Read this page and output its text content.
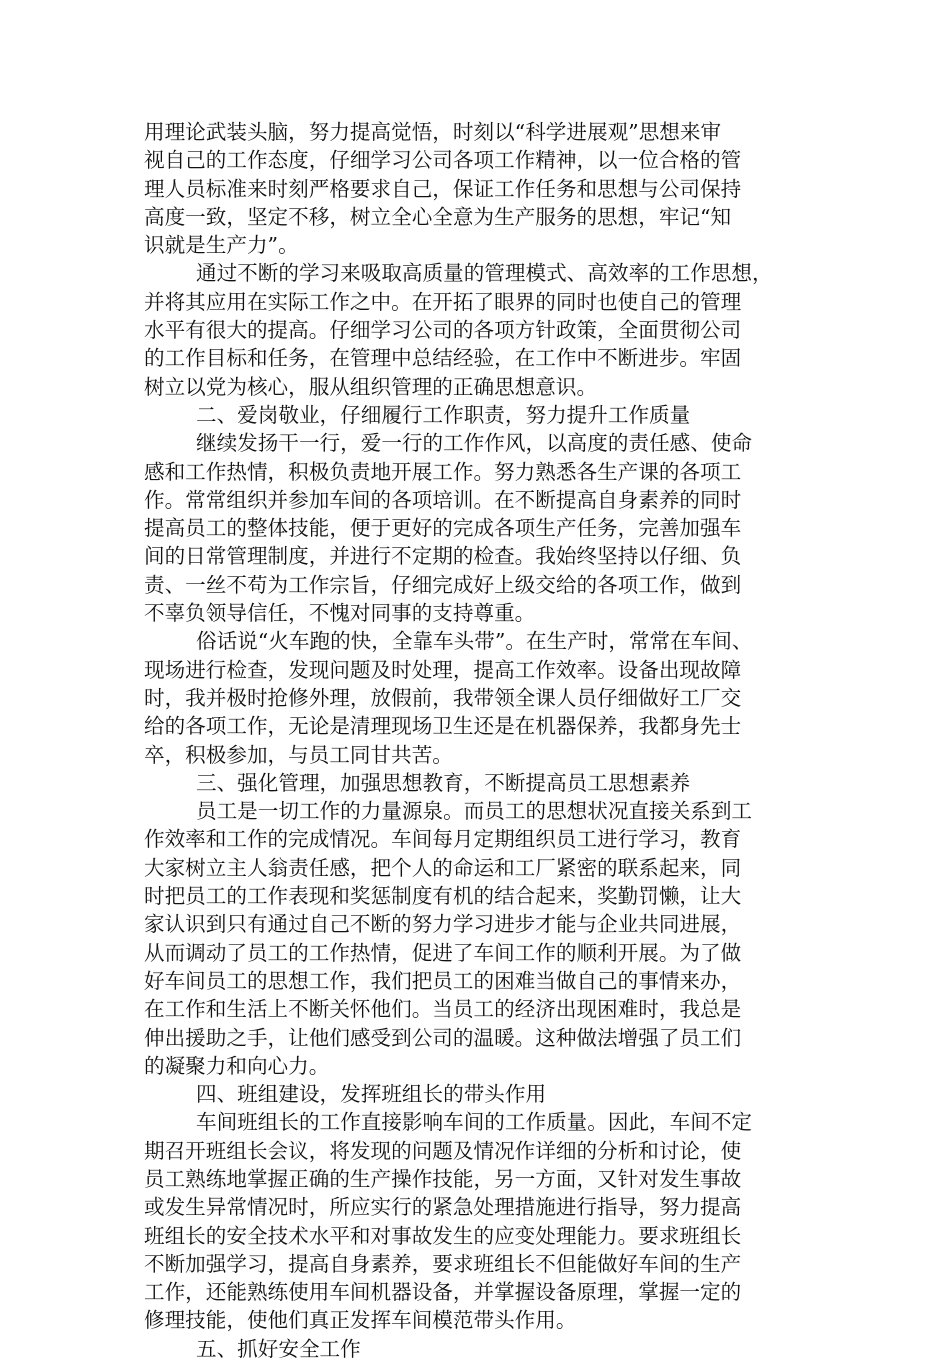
用理论武装头脑，努力提高觉悟，时刻以“科学进展观”思想来审
视自己的工作态度，仔细学习公司各项工作精神，以一位合格的管
理人员标准来时刻严格要求自己，保证工作任务和思想与公司保持
高度一致，坚定不移，树立全心全意为生产服务的思想，牢记“知
识就是生产力”。
通过不断的学习来吸取高质量的管理模式、高效率的工作思想，
并将其应用在实际工作之中。在开拓了眼界的同时也使自己的管理
水平有很大的提高。仔细学习公司的各项方针政策，全面贯彻公司
的工作目标和任务，在管理中总结经验，在工作中不断进步。牢固
树立以党为核心，服从组织管理的正确思想意识。
二、爱岗敬业，仔细履行工作职责，努力提升工作质量
继续发扬干一行，爱一行的工作作风，以高度的责任感、使命
感和工作热情，积极负责地开展工作。努力熟悉各生产课的各项工
作。常常组织并参加车间的各项培训。在不断提高自身素养的同时
提高员工的整体技能，便于更好的完成各项生产任务，完善加强车
间的日常管理制度，并进行不定期的检查。我始终坚持以仔细、负
责、一丝不苟为工作宗旨，仔细完成好上级交给的各项工作，做到
不辜负领导信任，不愧对同事的支持尊重。
俗话说“火车跑的快，全靠车头带”。在生产时，常常在车间、
现场进行检查，发现问题及时处理，提高工作效率。设备出现故障
时，我并极时抢修外理，放假前，我带领全课人员仔细做好工厂交
给的各项工作，无论是清理现场卫生还是在机器保养，我都身先士
卒，积极参加，与员工同甘共苦。
三、强化管理，加强思想教育，不断提高员工思想素养
员工是一切工作的力量源泉。而员工的思想状况直接关系到工
作效率和工作的完成情况。车间每月定期组织员工进行学习，教育
大家树立主人翁责任感，把个人的命运和工厂紧密的联系起来，同
时把员工的工作表现和奖惩制度有机的结合起来，奖勤罚懒，让大
家认识到只有通过自己不断的努力学习进步才能与企业共同进展，
从而调动了员工的工作热情，促进了车间工作的顺利开展。为了做
好车间员工的思想工作，我们把员工的困难当做自己的事情来办，
在工作和生活上不断关怀他们。当员工的经济出现困难时，我总是
伸出援助之手，让他们感受到公司的温暖。这种做法增强了员工们
的凝聚力和向心力。
四、班组建设，发挥班组长的带头作用
车间班组长的工作直接影响车间的工作质量。因此，车间不定
期召开班组长会议，将发现的问题及情况作详细的分析和讨论，使
员工熟练地掌握正确的生产操作技能，另一方面，又针对发生事故
或发生异常情况时，所应实行的紧急处理措施进行指导，努力提高
班组长的安全技术水平和对事故发生的应变处理能力。要求班组长
不断加强学习，提高自身素养，要求班组长不但能做好车间的生产
工作，还能熟练使用车间机器设备，并掌握设备原理，掌握一定的
修理技能，使他们真正发挥车间模范带头作用。
五、抓好安全工作
